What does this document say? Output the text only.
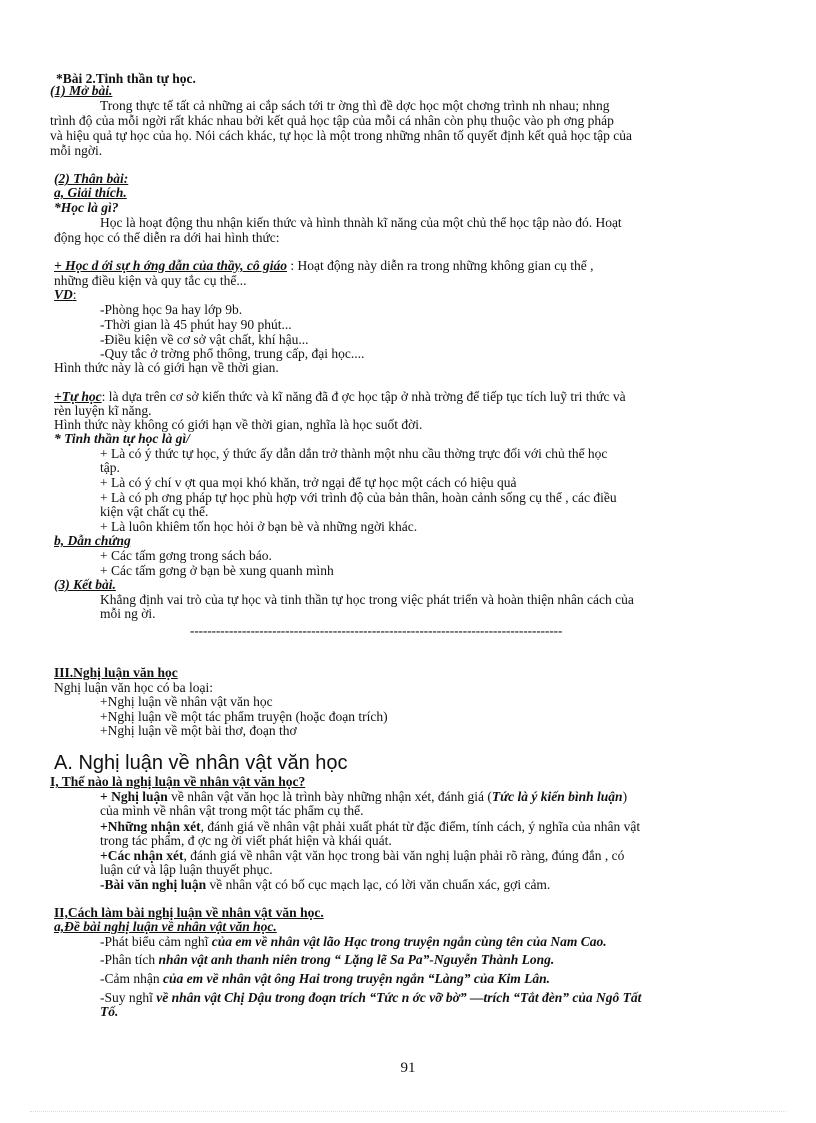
*Bài 2.Tinh thần tự học.
(1) Mở bài.
Trong thực tế tất cả những ai cắp sách tới tr ờng thì đề dợc học một chơng trình nh nhau; nhng
trình độ của mỗi ngời rất khác nhau bởi kết quả học tập của mỗi cá nhân còn phụ thuộc vào ph ơng pháp
và hiệu quả tự học của họ. Nói cách khác, tự học là một trong những nhân tố quyết định kết quả học tập của
mỗi ngời.
(2) Thân bài:
a, Giải thích.
*Học là gì?
Học là hoạt động thu nhận kiến thức và hình thnàh kĩ năng của một chủ thể học tập nào đó. Hoạt
động học có thể diễn ra dới hai hình thức:
+ Học d ới sự h ớng dẫn của thầy, cô giáo : Hoạt động này diễn ra trong những không gian cụ thể ,
những điều kiện và quy tắc cụ thể...
VD:
-Phòng học 9a hay lớp 9b.
-Thời gian là 45 phút hay 90 phút...
-Điều kiện về cơ sở vật chất, khí hậu...
-Quy tắc ở trờng phổ thông, trung cấp, đại học....
Hình thức này là có giới hạn về thời gian.
+Tự học: là dựa trên cơ sở kiến thức và kĩ năng đã đ ợc học tập ở nhà trờng để tiếp tục tích luỹ tri thức và
rèn luyện kĩ năng.
Hình thức này không có giới hạn về thời gian, nghĩa là học suốt đời.
* Tinh thần tự học là gì/
+ Là có ý thức tự học, ý thức ấy dẫn dắn trở thành một nhu cầu thờng trực đối với chủ thể học
tập.
+ Là có ý chí v ợt qua mọi khó khăn, trở ngại để tự học một cách có hiệu quả
+ Là có ph ơng pháp tự học phù hợp với trình độ của bản thân, hoàn cảnh sống cụ thể , các điều
kiện vật chất cụ thể.
+ Là luôn khiêm tốn học hỏi ở bạn bè và những ngời khác.
b, Dẫn chứng
+ Các tấm gơng trong sách báo.
+ Các tấm gơng ở bạn bè xung quanh mình
(3) Kết bài.
Khẳng định vai trò của tự học và tinh thần tự học trong việc phát triển và hoàn thiện nhân cách của
mỗi ng ời.
--------------------------------------------------------------------------------------
III.Nghị luận văn học
Nghị luận văn học có ba loại:
+Nghị luận về nhân vật văn học
+Nghị luận về một tác phẩm truyện (hoặc đoạn trích)
+Nghị luận về một bài thơ, đoạn thơ
A. Nghị luận về nhân vật văn học
I, Thế nào là nghị luận về nhân vật văn học?
+ Nghị luận về nhân vật văn học là trình bày những nhận xét, đánh giá (Tức là ý kiến bình luận)
của mình về nhân vật trong một tác phẩm cụ thể.
+Những nhận xét, đánh giá về nhân vật phải xuất phát từ đặc điểm, tính cách, ý nghĩa của nhân vật
trong tác phẩm, đ ợc ng ời viết phát hiện và khái quát.
+Các nhận xét, đánh giá về nhân vật văn học trong bài văn nghị luận phải rõ ràng, đúng đắn , có
luận cứ và lập luận thuyết phục.
-Bài văn nghị luận về nhân vật có bố cục mạch lạc, có lời văn chuẩn xác, gợi cảm.
II,Cách làm bài nghị luận về nhân vật văn học.
a,Đề bài nghị luận về nhân vật văn học.
-Phát biểu cảm nghĩ của em về nhân vật lão Hạc trong truyện ngắn cùng tên của Nam Cao.
-Phân tích nhân vật anh thanh niên trong “ Lặng lẽ Sa Pa”-Nguyễn Thành Long.
-Cảm nhận của em về nhân vật ông Hai trong truyện ngắn “Làng” của Kim Lân.
-Suy nghĩ về nhân vật Chị Dậu trong đoạn trích “Tức n ớc vỡ bờ” —trích “Tắt đèn” của Ngô Tất
Tố.
91
